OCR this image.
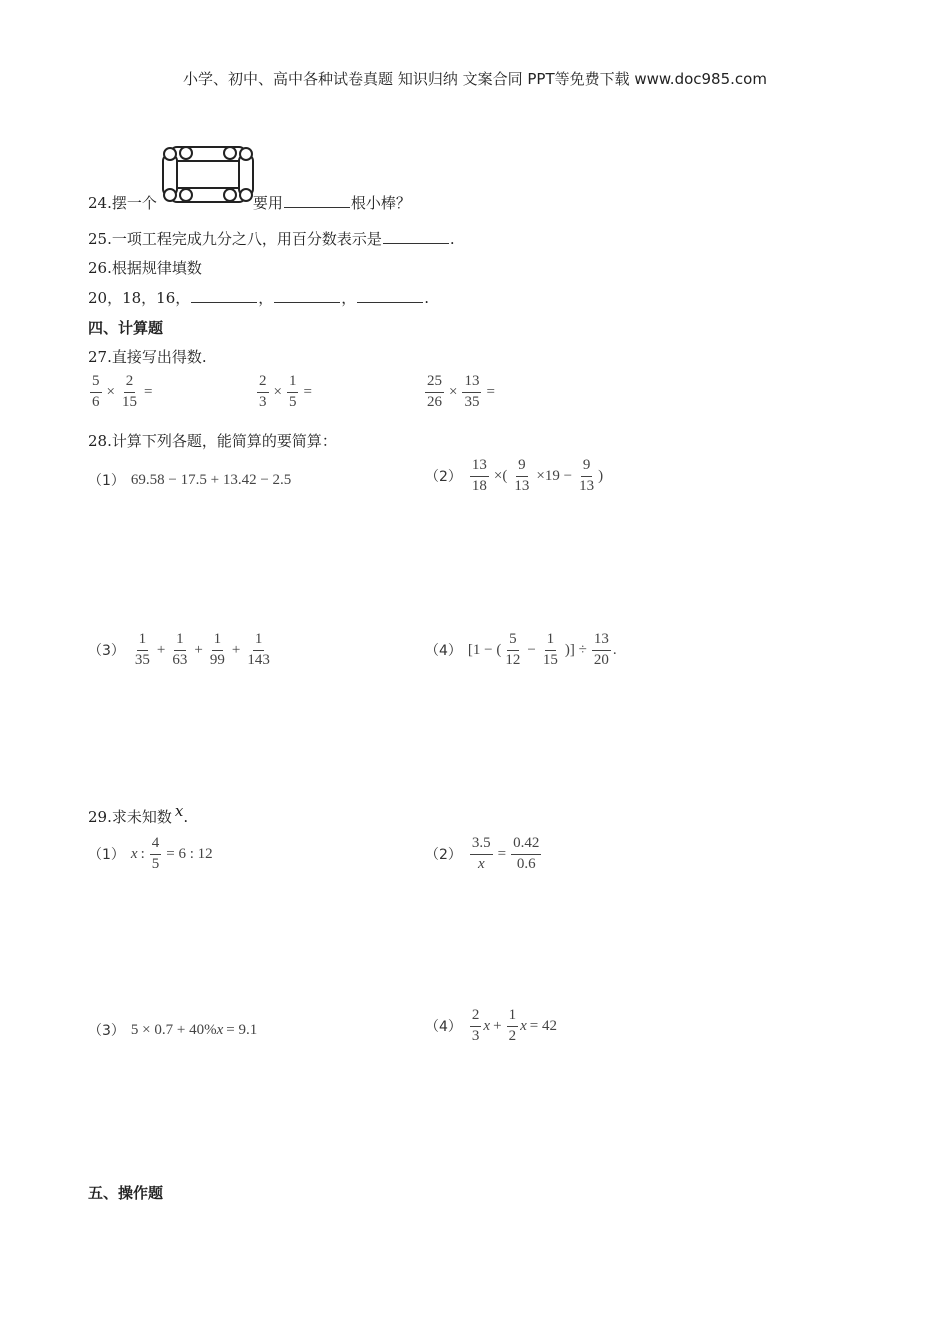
小学、初中、高中各种试卷真题 知识归纳 文案合同 PPT等免费下载 www.doc985.com
24.摆一个	要用	根小棒？
25.一项工程完成九分之八，用百分数表示是	.
26.根据规律填数
20，18，16，	，	，	.
四、计算题
27.直接写出得数.
$\frac{5}{6} \times \frac{2}{15}$ =	$\frac{2}{3} \times \frac{1}{5}$ =	$\frac{25}{26} \times \frac{13}{35}$ =
28.计算下列各题，能简算的要简算：
（1） 69.58 − 17.5 + 13.42 − 2.5	$(2) \frac{13}{18}$ ×( $\frac{9}{13} \times 19 - \frac{9}{13}$ )
$(3) \frac{1}{35} + \frac{1}{63} + \frac{1}{99} + \frac{1}{143}$	（4） [1 − ( $\frac{5}{12} - \frac{1}{15}$ )] ÷ $\frac{13}{20}$ .
29.求未知数 x.
（1） x : $\frac{4}{5} = 6$ : 12	$(2) \frac{3.5}{x} = \frac{0.42}{0.6}$
（3） 5 × 0.7 + 40% x = 9.1	$(4) \frac{2}{3}$ $x + \frac{1}{2}$ x = 42
五、操作题
